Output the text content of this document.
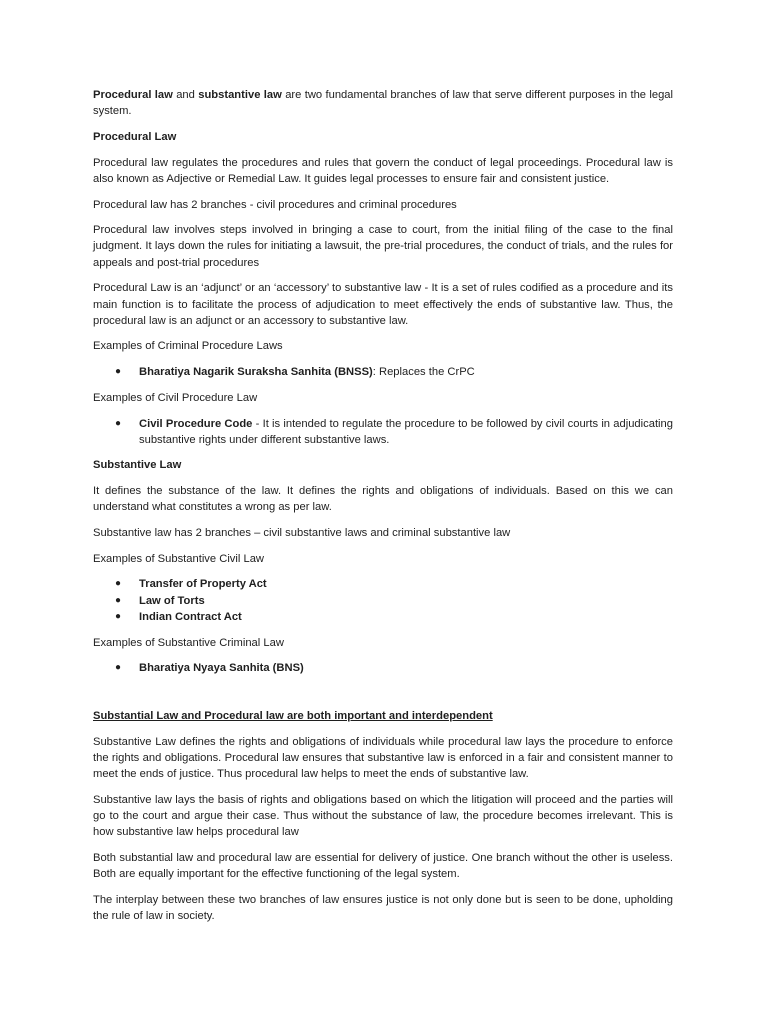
Procedural law and substantive law are two fundamental branches of law that serve different purposes in the legal system.

Procedural Law

Procedural law regulates the procedures and rules that govern the conduct of legal proceedings. Procedural law is also known as Adjective or Remedial Law. It guides legal processes to ensure fair and consistent justice.

Procedural law has 2 branches - civil procedures and criminal procedures

Procedural law involves steps involved in bringing a case to court, from the initial filing of the case to the final judgment. It lays down the rules for initiating a lawsuit, the pre-trial procedures, the conduct of trials, and the rules for appeals and post-trial procedures

Procedural Law is an ‘adjunct’ or an ‘accessory’ to substantive law - It is a set of rules codified as a procedure and its main function is to facilitate the process of adjudication to meet effectively the ends of substantive law. Thus, the procedural law is an adjunct or an accessory to substantive law.

Examples of Criminal Procedure Laws

● Bharatiya Nagarik Suraksha Sanhita (BNSS): Replaces the CrPC

Examples of Civil Procedure Law

● Civil Procedure Code - It is intended to regulate the procedure to be followed by civil courts in adjudicating substantive rights under different substantive laws.

Substantive Law

It defines the substance of the law. It defines the rights and obligations of individuals. Based on this we can understand what constitutes a wrong as per law.

Substantive law has 2 branches – civil substantive laws and criminal substantive law

Examples of Substantive Civil Law

● Transfer of Property Act
● Law of Torts
● Indian Contract Act

Examples of Substantive Criminal Law

● Bharatiya Nyaya Sanhita (BNS)

Substantial Law and Procedural law are both important and interdependent

Substantive Law defines the rights and obligations of individuals while procedural law lays the procedure to enforce the rights and obligations. Procedural law ensures that substantive law is enforced in a fair and consistent manner to meet the ends of justice. Thus procedural law helps to meet the ends of substantive law.

Substantive law lays the basis of rights and obligations based on which the litigation will proceed and the parties will go to the court and argue their case. Thus without the substance of law, the procedure becomes irrelevant. This is how substantive law helps procedural law

Both substantial law and procedural law are essential for delivery of justice. One branch without the other is useless. Both are equally important for the effective functioning of the legal system.

The interplay between these two branches of law ensures justice is not only done but is seen to be done, upholding the rule of law in society.
